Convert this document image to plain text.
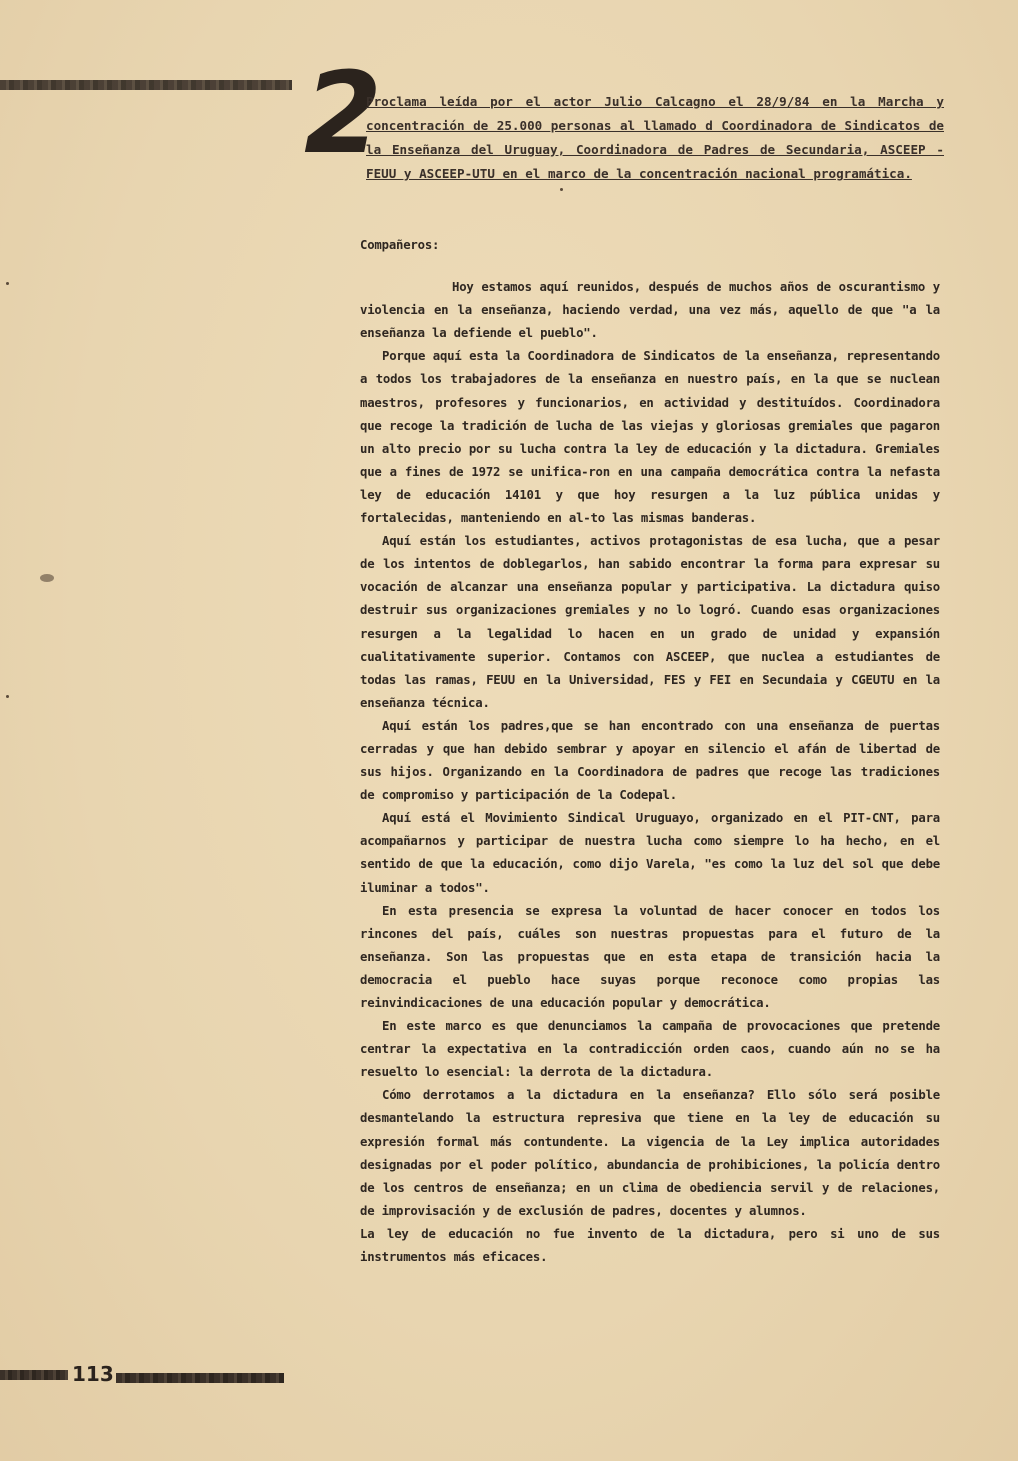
2
Proclama leída por el actor Julio Calcagno el 28/9/84 en la Marcha y concentración de 25.000 personas al llamado d Coordinadora de Sindicatos de la Enseñanza del Uruguay, Coordinadora de Padres de Secundaria, ASCEEP - FEUU y ASCEEP-UTU en el marco de la concentración nacional programática.

Compañeros:

Hoy estamos aquí reunidos, después de muchos años de oscurantismo y violencia en la enseñanza, haciendo verdad, una vez más, aquello de que "a la enseñanza la defiende el pueblo".

Porque aquí esta la Coordinadora de Sindicatos de la enseñanza, representando a todos los trabajadores de la enseñanza en nuestro país, en la que se nuclean maestros, profesores y funcionarios, en actividad y destituídos. Coordinadora que recoge la tradición de lucha de las viejas y gloriosas gremiales que pagaron un alto precio por su lucha contra la ley de educación y la dictadura. Gremiales que a fines de 1972 se unifica-ron en una campaña democrática contra la nefasta ley de educación 14101 y que hoy resurgen a la luz pública unidas y fortalecidas, manteniendo en al-to las mismas banderas.

Aquí están los estudiantes, activos protagonistas de esa lucha, que a pesar de los intentos de doblegarlos, han sabido encontrar la forma para expresar su vocación de alcanzar una enseñanza popular y participativa. La dictadura quiso destruir sus organizaciones gremiales y no lo logró. Cuando esas organizaciones resurgen a la legalidad lo hacen en un grado de unidad y expansión cualitativamente superior. Contamos con ASCEEP, que nuclea a estudiantes de todas las ramas, FEUU en la Universidad, FES y FEI en Secundaia y CGEUTU en la enseñanza técnica.

Aquí están los padres,que se han encontrado con una enseñanza de puertas cerradas y que han debido sembrar y apoyar en silencio el afán de libertad de sus hijos. Organizando en la Coordinadora de padres que recoge las tradiciones de compromiso y participación de la Codepal.

Aquí está el Movimiento Sindical Uruguayo, organizado en el PIT-CNT, para acompañarnos y participar de nuestra lucha como siempre lo ha hecho, en el sentido de que la educación, como dijo Varela, "es como la luz del sol que debe iluminar a todos".

En esta presencia se expresa la voluntad de hacer conocer en todos los rincones del país, cuáles son nuestras propuestas para el futuro de la enseñanza. Son las propuestas que en esta etapa de transición hacia la democracia el pueblo hace suyas porque reconoce como propias las reinvindicaciones de una educación popular y democrática.

En este marco es que denunciamos la campaña de provocaciones que pretende centrar la expectativa en la contradicción orden caos, cuando aún no se ha resuelto lo esencial: la derrota de la dictadura.

Cómo derrotamos a la dictadura en la enseñanza? Ello sólo será posible desmantelando la estructura represiva que tiene en la ley de educación su expresión formal más contundente. La vigencia de la Ley implica autoridades designadas por el poder político, abundancia de prohibiciones, la policía dentro de los centros de enseñanza; en un clima de obediencia servil y de relaciones, de improvisación y de exclusión de padres, docentes y alumnos.

La ley de educación no fue invento de la dictadura, pero si uno de sus instrumentos más eficaces.

113
